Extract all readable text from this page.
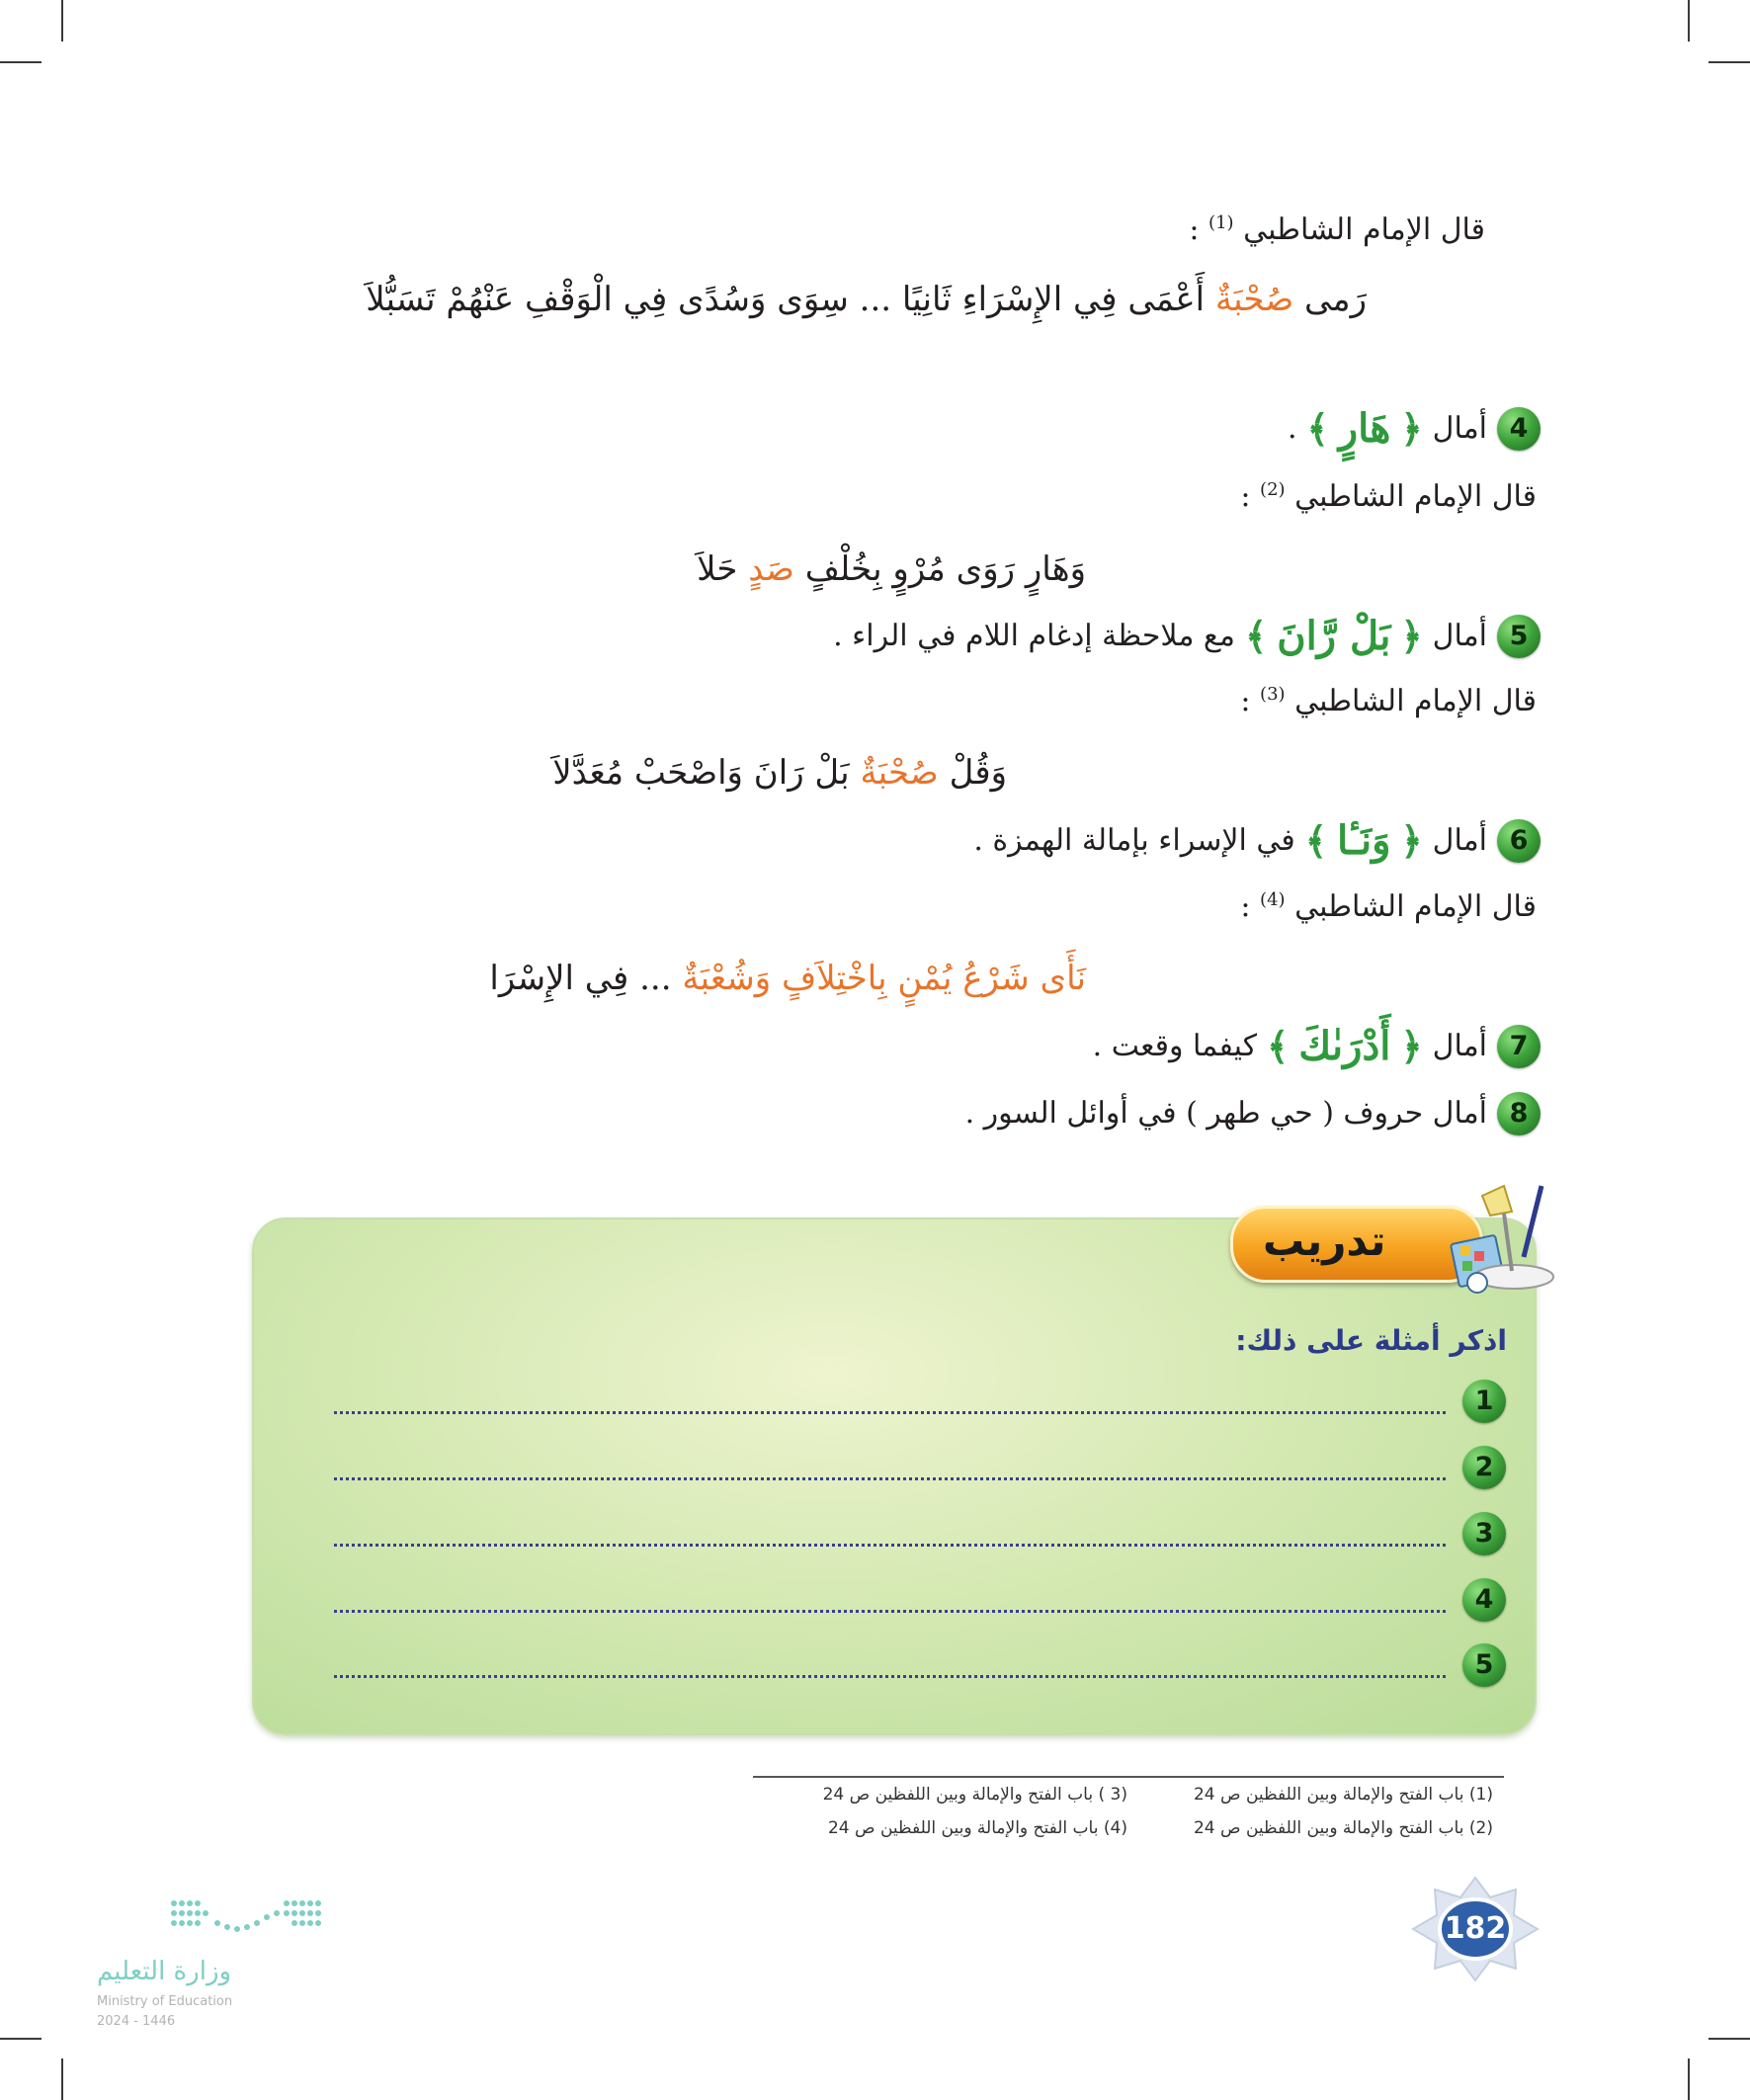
قال الإمام الشاطبي $^{(1)}$ :
رَمى صُحْبَةٌ أَعْمَى فِي الإِسْرَاءِ ثَانِيًا ... سِوَى وَسُدًى فِي الْوَقْفِ عَنْهُمْ تَسَبُّلاَ
4
أمال
﴿
هَارٍ
﴾
.
قال الإمام الشاطبي $^{(2)}$ :
وَهَارٍ رَوَى مُرْوٍ بِخُلْفٍ صَدٍ حَلاَ
5
أمال
﴿
بَلْ رَّانَ
﴾
مع ملاحظة إدغام اللام في الراء .
قال الإمام الشاطبي $^{(3)}$ :
وَقُلْ صُحْبَةٌ بَلْ رَانَ وَاصْحَبْ مُعَدَّلاَ
6
أمال
﴿
وَنَـٔا
﴾
في الإسراء بإمالة الهمزة .
قال الإمام الشاطبي $^{(4)}$ :
نَأَى شَرْعُ يُمْنٍ بِاخْتِلاَفٍ وَشُعْبَةٌ ... فِي الإِسْرَا
7
أمال
﴿
أَدْرَىٰكَ
﴾
كيفما وقعت .
8
أمال حروف ( حي طهر ) في أوائل السور .
تدريب
اذكر أمثلة على ذلك:
1
2
3
4
5
(1) باب الفتح والإمالة وبين اللفظين ص 24
(3 ) باب الفتح والإمالة وبين اللفظين ص 24
(2) باب الفتح والإمالة وبين اللفظين ص 24
(4) باب الفتح والإمالة وبين اللفظين ص 24
182
وزارة التعليم
Ministry of Education
2024 - 1446
